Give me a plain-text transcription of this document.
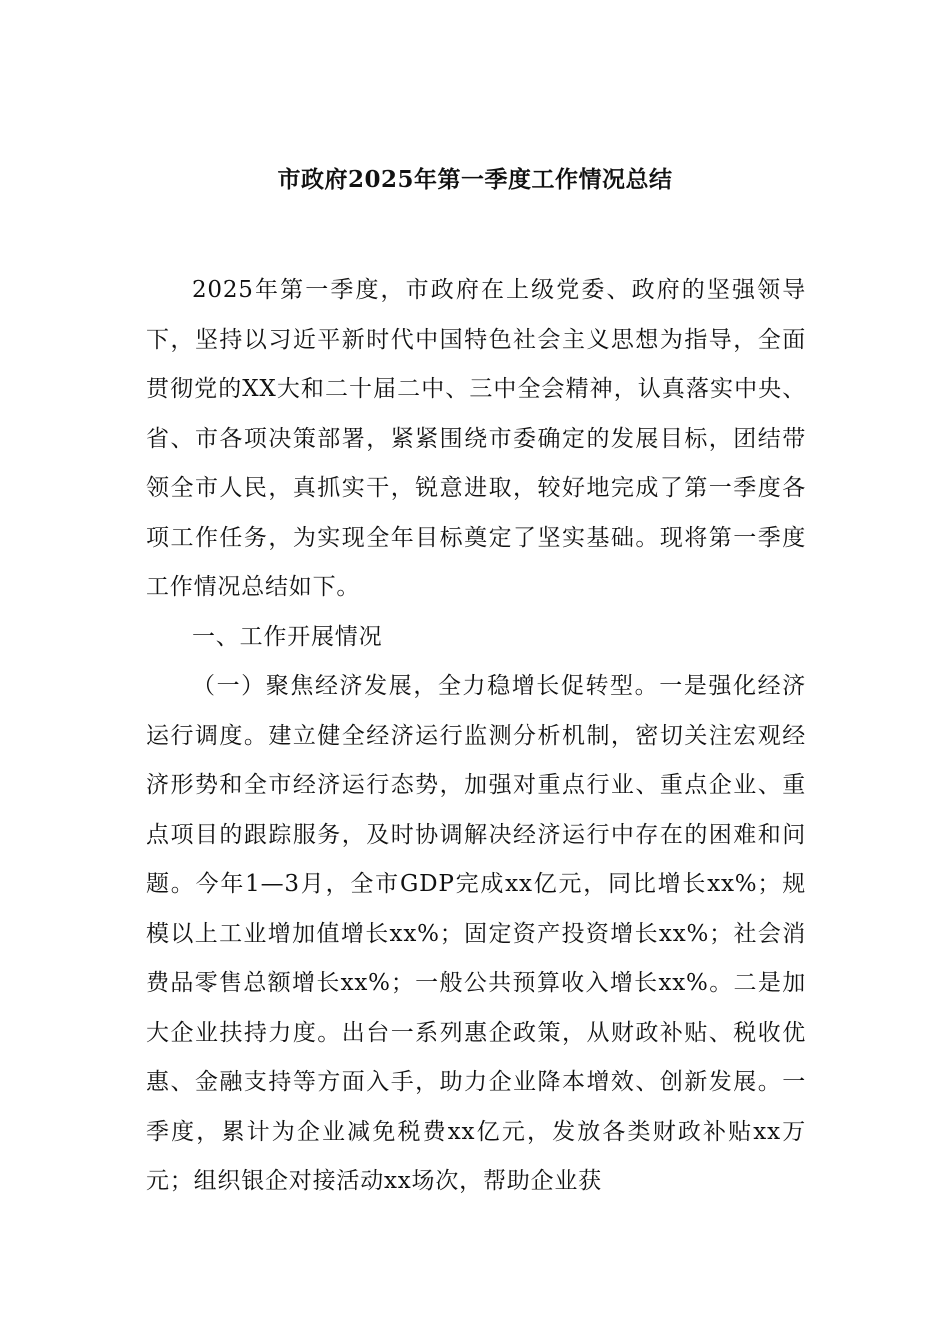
市政府2025年第一季度工作情况总结

2025年第一季度，市政府在上级党委、政府的坚强领导下，坚持以习近平新时代中国特色社会主义思想为指导，全面贯彻党的XX大和二十届二中、三中全会精神，认真落实中央、省、市各项决策部署，紧紧围绕市委确定的发展目标，团结带领全市人民，真抓实干，锐意进取，较好地完成了第一季度各项工作任务，为实现全年目标奠定了坚实基础。现将第一季度工作情况总结如下。

一、工作开展情况

（一）聚焦经济发展，全力稳增长促转型。一是强化经济运行调度。建立健全经济运行监测分析机制，密切关注宏观经济形势和全市经济运行态势，加强对重点行业、重点企业、重点项目的跟踪服务，及时协调解决经济运行中存在的困难和问题。今年1—3月，全市GDP完成xx亿元，同比增长xx%；规模以上工业增加值增长xx%；固定资产投资增长xx%；社会消费品零售总额增长xx%；一般公共预算收入增长xx%。二是加大企业扶持力度。出台一系列惠企政策，从财政补贴、税收优惠、金融支持等方面入手，助力企业降本增效、创新发展。一季度，累计为企业减免税费xx亿元，发放各类财政补贴xx万元；组织银企对接活动xx场次，帮助企业获
